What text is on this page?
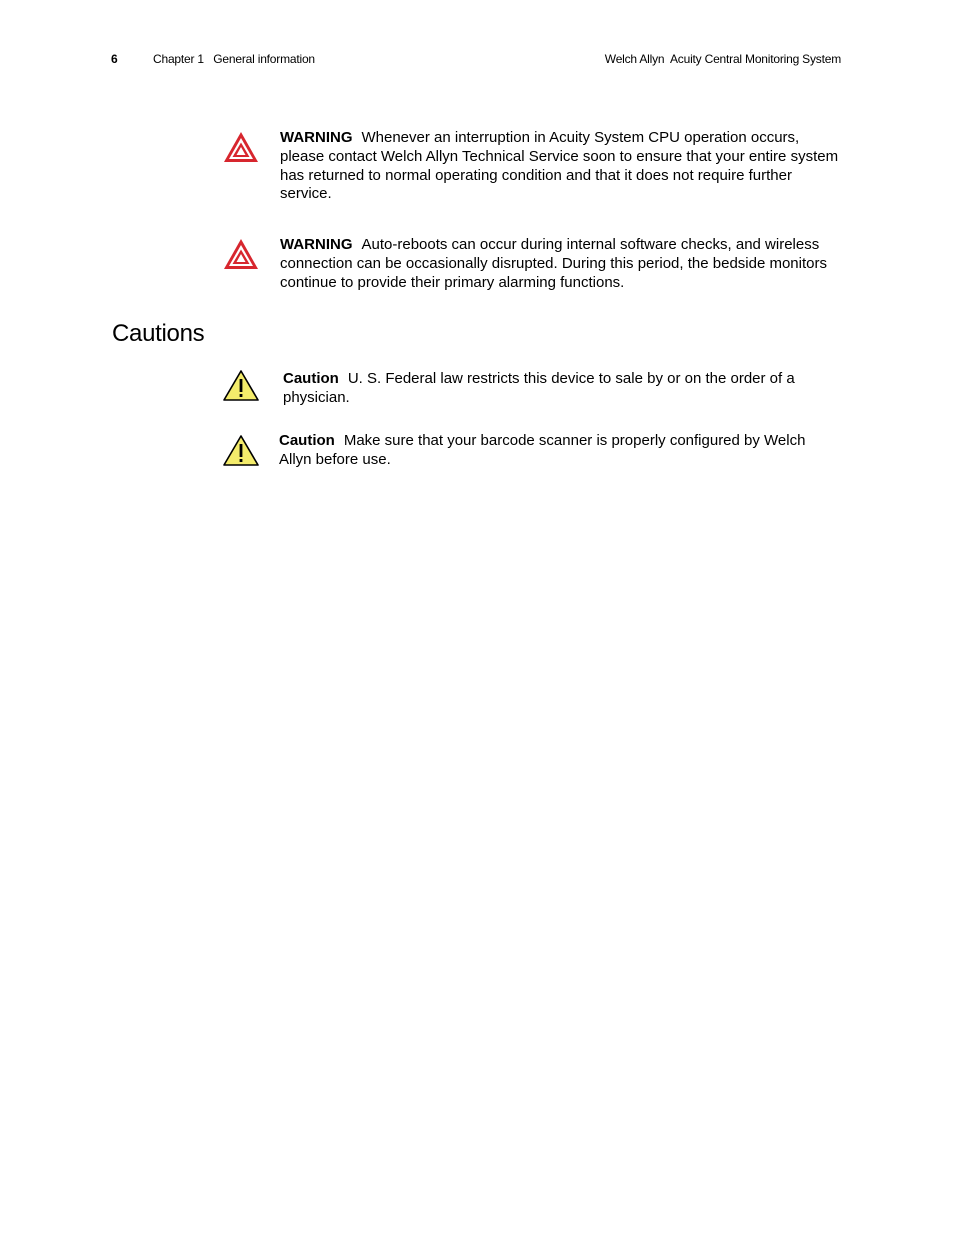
6	Chapter 1   General information	Welch Allyn  Acuity Central Monitoring System
WARNING Whenever an interruption in Acuity System CPU operation occurs, please contact Welch Allyn Technical Service soon to ensure that your entire system has returned to normal operating condition and that it does not require further service.
WARNING Auto-reboots can occur during internal software checks, and wireless connection can be occasionally disrupted. During this period, the bedside monitors continue to provide their primary alarming functions.
Cautions
Caution U. S. Federal law restricts this device to sale by or on the order of a physician.
Caution Make sure that your barcode scanner is properly configured by Welch Allyn before use.
